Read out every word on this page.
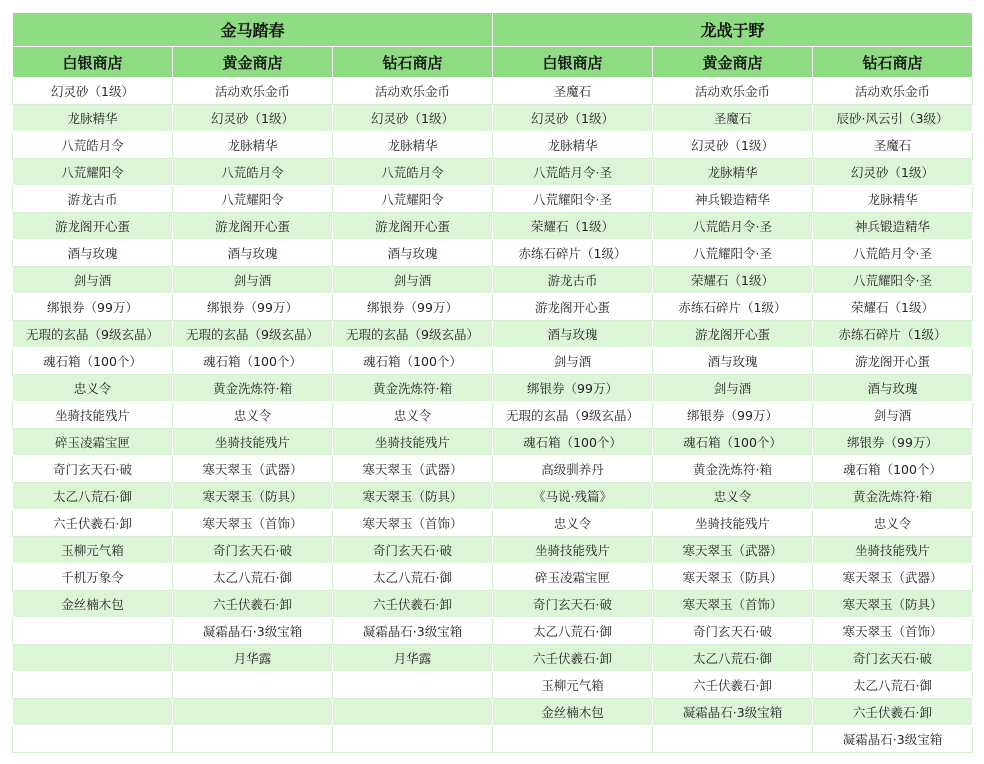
金马踏春			龙战于野		
白银商店	黄金商店	钻石商店	白银商店	黄金商店	钻石商店
幻灵砂（1级）	活动欢乐金币	活动欢乐金币	圣魔石	活动欢乐金币	活动欢乐金币
龙脉精华	幻灵砂（1级）	幻灵砂（1级）	幻灵砂（1级）	圣魔石	辰砂·风云引（3级）
八荒皓月令	龙脉精华	龙脉精华	龙脉精华	幻灵砂（1级）	圣魔石
八荒耀阳令	八荒皓月令	八荒皓月令	八荒皓月令·圣	龙脉精华	幻灵砂（1级）
游龙古币	八荒耀阳令	八荒耀阳令	八荒耀阳令·圣	神兵锻造精华	龙脉精华
游龙阁开心蛋	游龙阁开心蛋	游龙阁开心蛋	荣耀石（1级）	八荒皓月令·圣	神兵锻造精华
酒与玫瑰	酒与玫瑰	酒与玫瑰	赤练石碎片（1级）	八荒耀阳令·圣	八荒皓月令·圣
剑与酒	剑与酒	剑与酒	游龙古币	荣耀石（1级）	八荒耀阳令·圣
绑银券（99万）	绑银券（99万）	绑银券（99万）	游龙阁开心蛋	赤练石碎片（1级）	荣耀石（1级）
无瑕的玄晶（9级玄晶）	无瑕的玄晶（9级玄晶）	无瑕的玄晶（9级玄晶）	酒与玫瑰	游龙阁开心蛋	赤练石碎片（1级）
魂石箱（100个）	魂石箱（100个）	魂石箱（100个）	剑与酒	酒与玫瑰	游龙阁开心蛋
忠义令	黄金洗炼符·箱	黄金洗炼符·箱	绑银券（99万）	剑与酒	酒与玫瑰
坐骑技能残片	忠义令	忠义令	无瑕的玄晶（9级玄晶）	绑银券（99万）	剑与酒
碎玉凌霜宝匣	坐骑技能残片	坐骑技能残片	魂石箱（100个）	魂石箱（100个）	绑银券（99万）
奇门玄天石·破	寒天翠玉（武器）	寒天翠玉（武器）	高级驯养丹	黄金洗炼符·箱	魂石箱（100个）
太乙八荒石·御	寒天翠玉（防具）	寒天翠玉（防具）	《马说·残篇》	忠义令	黄金洗炼符·箱
六壬伏羲石·卸	寒天翠玉（首饰）	寒天翠玉（首饰）	忠义令	坐骑技能残片	忠义令
玉柳元气箱	奇门玄天石·破	奇门玄天石·破	坐骑技能残片	寒天翠玉（武器）	坐骑技能残片
千机万象令	太乙八荒石·御	太乙八荒石·御	碎玉凌霜宝匣	寒天翠玉（防具）	寒天翠玉（武器）
金丝楠木包	六壬伏羲石·卸	六壬伏羲石·卸	奇门玄天石·破	寒天翠玉（首饰）	寒天翠玉（防具）
	凝霜晶石·3级宝箱	凝霜晶石·3级宝箱	太乙八荒石·御	奇门玄天石·破	寒天翠玉（首饰）
	月华露	月华露	六壬伏羲石·卸	太乙八荒石·御	奇门玄天石·破
			玉柳元气箱	六壬伏羲石·卸	太乙八荒石·御
			金丝楠木包	凝霜晶石·3级宝箱	六壬伏羲石·卸
					凝霜晶石·3级宝箱
